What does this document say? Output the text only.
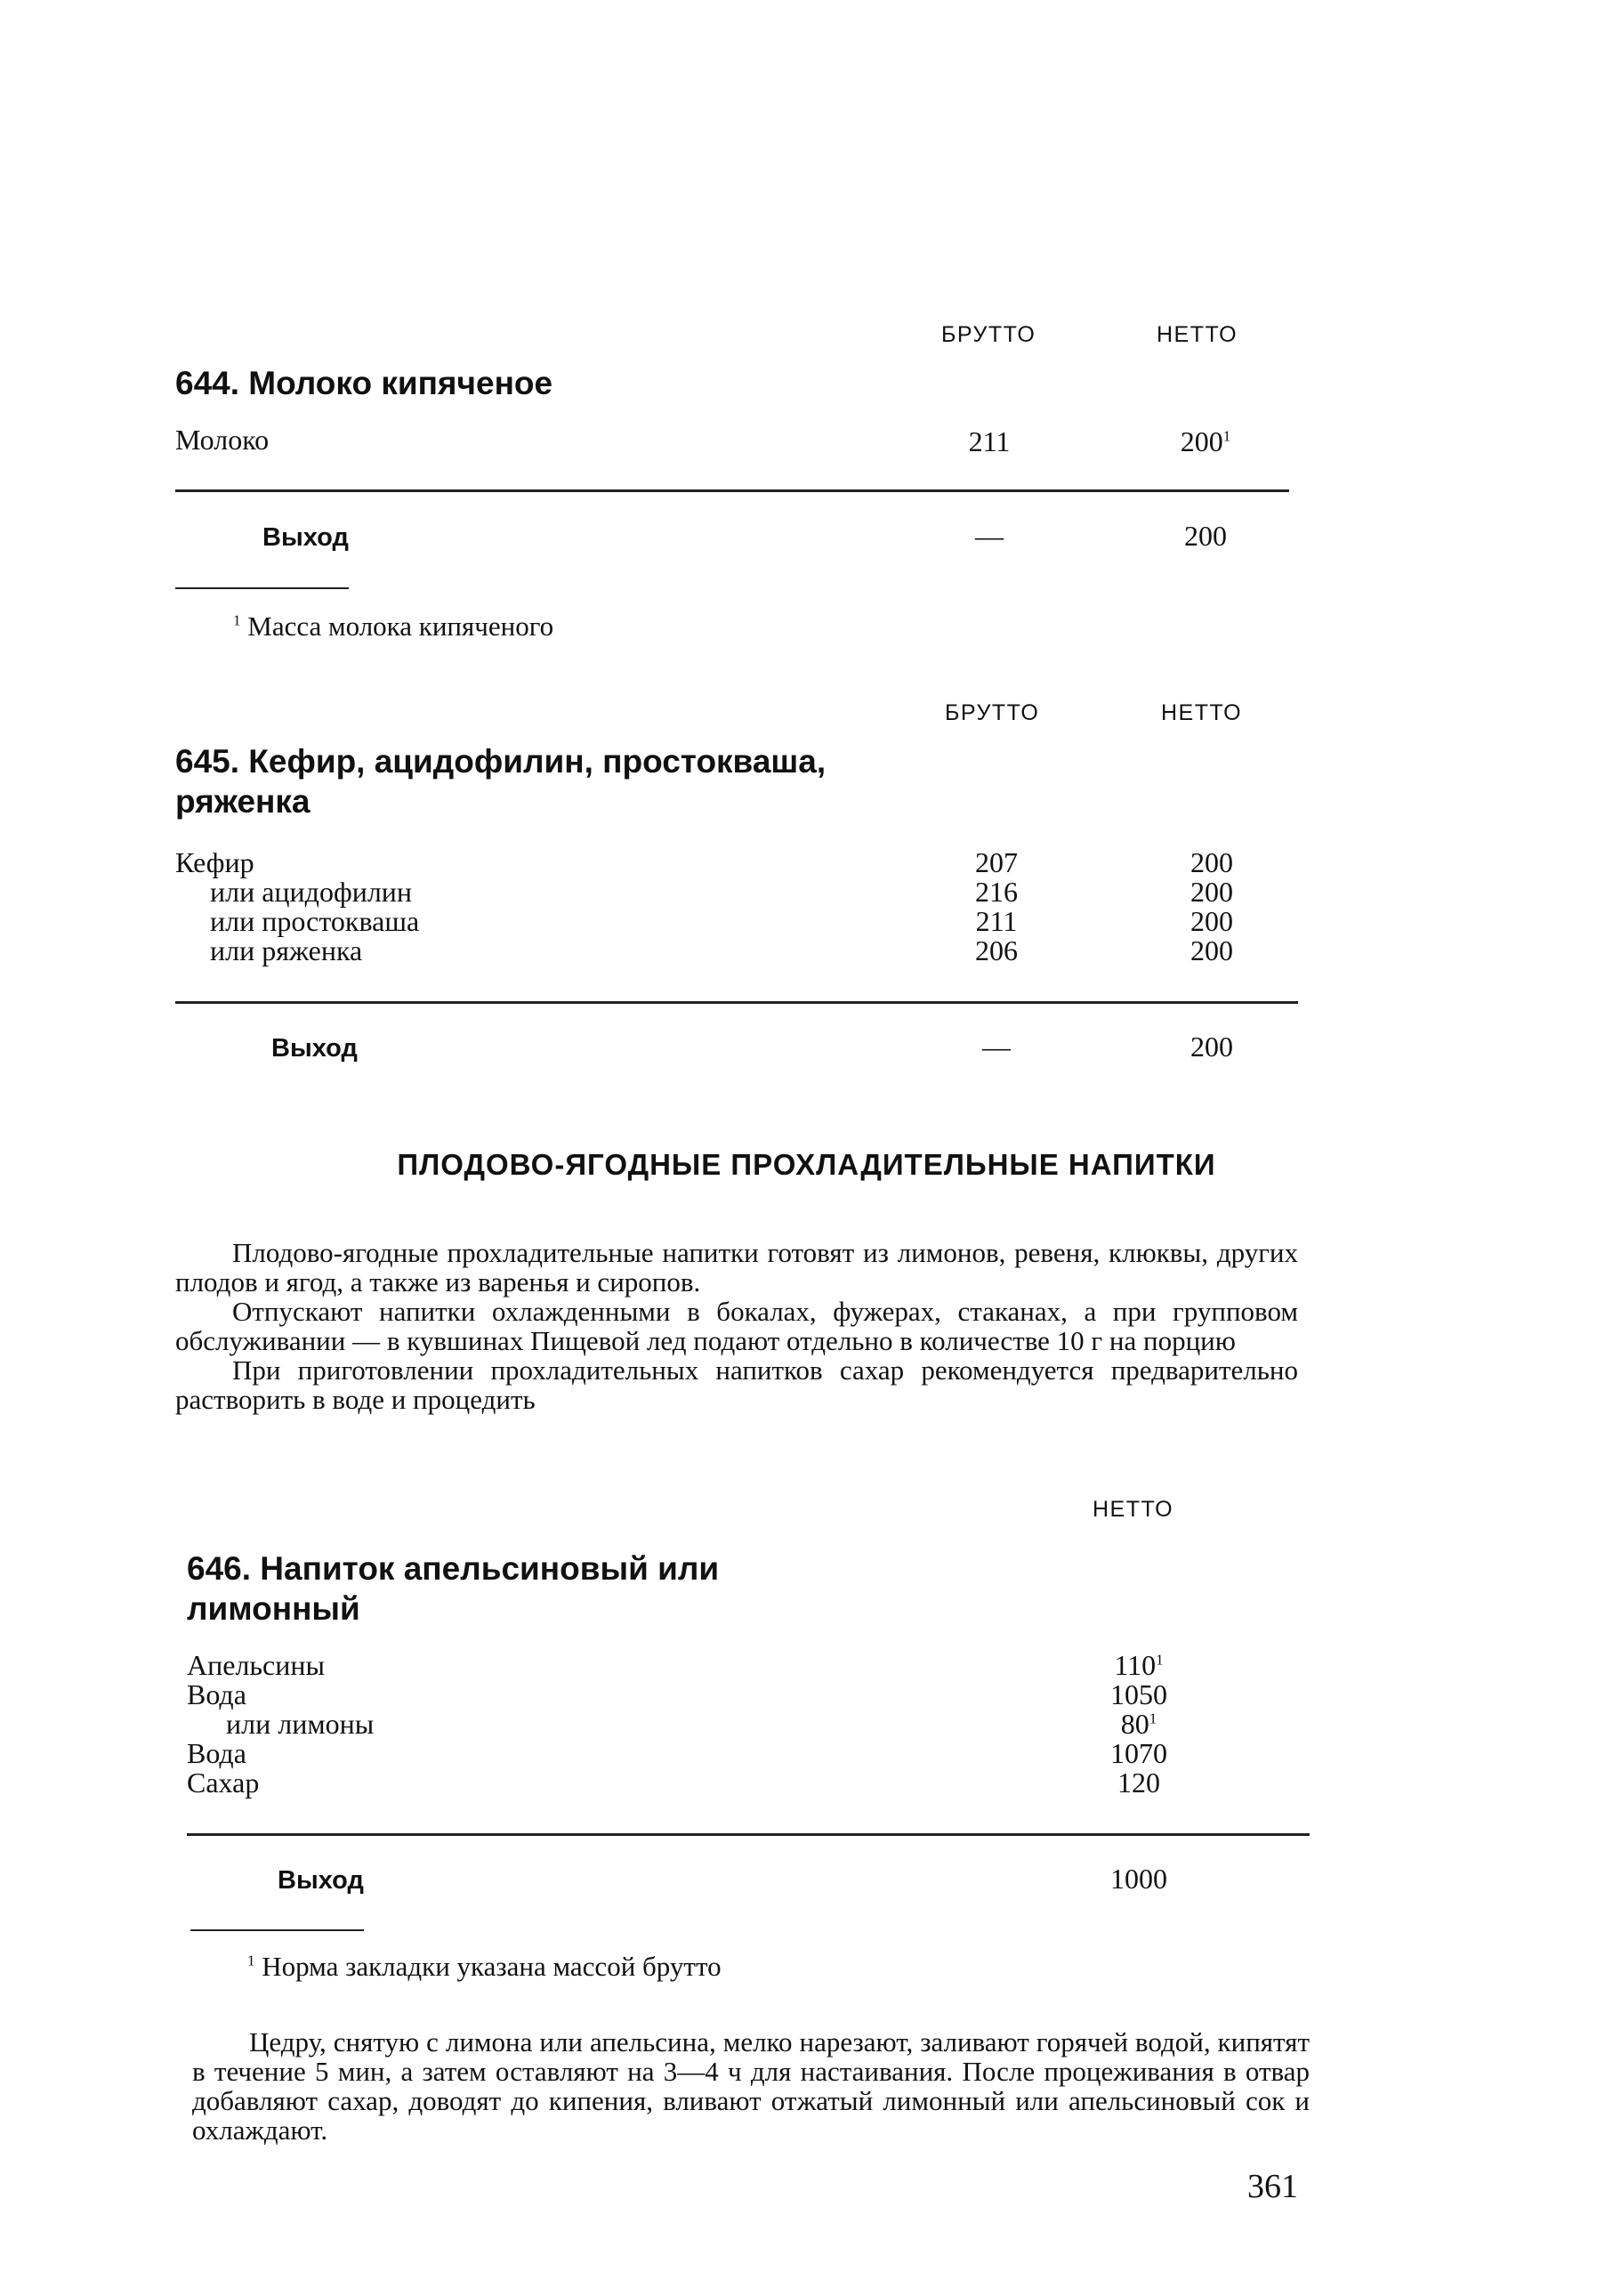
БРУТТО	НЕТТО
644. Молоко кипяченое
Молоко	211	$200^1$
Выход	—	200
$^1$ Масса молока кипяченого
БРУТТО	НЕТТО
645. Кефир, ацидофилин, простокваша, ряженка
Кефир	207	200
или ацидофилин	216	200
или простокваша	211	200
или ряженка	206	200
Выход	—	200
ПЛОДОВО-ЯГОДНЫЕ ПРОХЛАДИТЕЛЬНЫЕ НАПИТКИ

Плодово-ягодные прохладительные напитки готовят из лимонов, ревеня, клюквы, других плодов и ягод, а также из варенья и сиропов.

Отпускают напитки охлажденными в бокалах, фужерах, стаканах, а при групповом обслуживании — в кувшинах Пищевой лед подают отдельно в количестве 10 г на порцию

При приготовлении прохладительных напитков сахар рекомендуется предварительно растворить в воде и процедить

НЕТТО
646. Напиток апельсиновый или лимонный
Апельсины	$110^1$
Вода	1050
или лимоны	$80^1$
Вода	1070
Сахар	120
Выход	1000
$^1$ Норма закладки указана массой брутто

Цедру, снятую с лимона или апельсина, мелко нарезают, заливают горячей водой, кипятят в течение 5 мин, а затем оставляют на 3—4 ч для настаивания. После процеживания в отвар добавляют сахар, доводят до кипения, вливают отжатый лимонный или апельсиновый сок и охлаждают.

361
